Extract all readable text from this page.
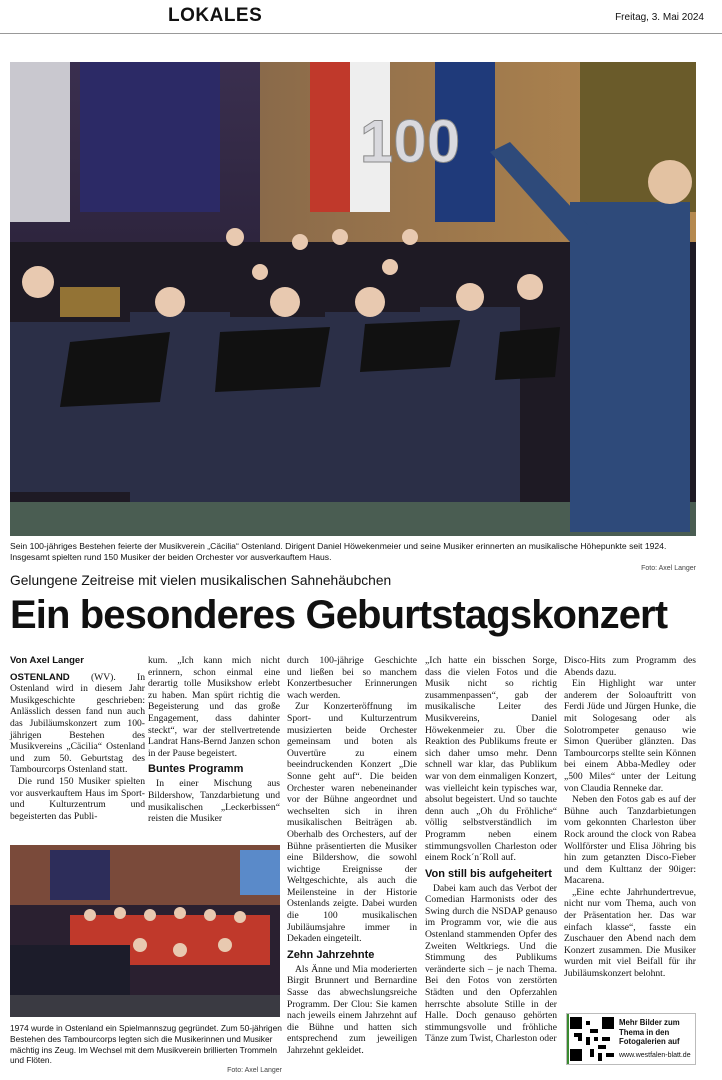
LOKALES	Freitag, 3. Mai 2024
100
Sein 100-jähriges Bestehen feierte der Musikverein „Cäcilia“ Ostenland. Dirigent Daniel Höwekenmeier und seine Musiker erinnerten an musikalische Höhepunkte seit 1924. Insgesamt spielten rund 150 Musiker der beiden Orchester vor ausverkauftem Haus.
Foto: Axel Langer
Gelungene Zeitreise mit vielen musikalischen Sahnehäubchen
Ein besonderes Geburtstagskonzert
Von Axel Langer

OSTENLAND (WV). In Ostenland wird in diesem Jahr Musikgeschichte geschrieben: Anlässlich dessen fand nun auch das Jubiläumskonzert zum 100-jährigen Bestehen des Musikvereins „Cäcilia“ Ostenland und zum 50. Geburtstag des Tambourcorps Ostenland statt.

Die rund 150 Musiker spielten vor ausverkauftem Haus im Sport- und Kulturzentrum und begeisterten das Publi-

kum. „Ich kann mich nicht erinnern, schon einmal eine derartig tolle Musikshow erlebt zu haben. Man spürt richtig die Begeisterung und das große Engagement, dass dahinter steckt“, war der stellvertretende Landrat Hans-Bernd Janzen schon in der Pause begeistert.

Buntes Programm

In einer Mischung aus Bildershow, Tanzdarbietung und musikalischen „Leckerbissen“ reisten die Musiker

1974 wurde in Ostenland ein Spielmannszug gegründet. Zum 50-jährigen Bestehen des Tambourcorps legten sich die Musikerinnen und Musiker mächtig ins Zeug. Im Wechsel mit dem Musikverein brillierten Trommeln und Flöten.
Foto: Axel Langer

durch 100-jährige Geschichte und ließen bei so manchem Konzertbesucher Erinnerungen wach werden.

Zur Konzerteröffnung im Sport- und Kulturzentrum musizierten beide Orchester gemeinsam und boten als Ouvertüre zu einem beeindruckenden Konzert „Die Sonne geht auf“. Die beiden Orchester waren nebeneinander vor der Bühne angeordnet und wechselten sich in ihren musikalischen Beiträgen ab. Oberhalb des Orchesters, auf der Bühne präsentierten die Musiker eine Bildershow, die sowohl wichtige Ereignisse der Weltgeschichte, als auch die Meilensteine in der Historie Ostenlands zeigte. Dabei wurden die 100 musikalischen Jubiläumsjahre immer in Dekaden eingeteilt.

Zehn Jahrzehnte

Als Änne und Mia moderierten Birgit Brunnert und Bernardine Sasse das abwechslungsreiche Programm. Der Clou: Sie kamen nach jeweils einem Jahrzehnt auf die Bühne und hatten sich entsprechend zum jeweiligen Jahrzehnt gekleidet.

„Ich hatte ein bisschen Sorge, dass die vielen Fotos und die Musik nicht so richtig zusammenpassen“, gab der musikalische Leiter des Musikvereins, Daniel Höwekenmeier zu. Über die Reaktion des Publikums freute er sich daher umso mehr. Denn schnell war klar, das Publikum war von dem einmaligen Konzert, was vielleicht kein typisches war, absolut begeistert. Und so tauchte denn auch „Oh du Fröhliche“ völlig selbstverständlich im Programm neben einem stimmungsvollen Charleston oder einem Rock´n´Roll auf.

Von still bis aufgeheitert

Dabei kam auch das Verbot der Comedian Harmonists oder des Swing durch die NSDAP genauso im Programm vor, wie die aus Ostenland stammenden Opfer des Zweiten Weltkriegs. Und die Stimmung des Publikums veränderte sich – je nach Thema. Bei den Fotos von zerstörten Städten und den Opferzahlen herrschte absolute Stille in der Halle. Doch genauso gehörten stimmungsvolle und fröhliche Tänze zum Twist, Charleston oder

Disco-Hits zum Programm des Abends dazu.

Ein Highlight war unter anderem der Soloauftritt von Ferdi Jüde und Jürgen Hunke, die mit Sologesang oder als Solotrompeter genauso wie Simon Querüber glänzten. Das Tambourcorps stellte sein Können bei einem Abba-Medley oder „500 Miles“ unter der Leitung von Claudia Renneke dar.

Neben den Fotos gab es auf der Bühne auch Tanzdarbietungen vom gekonnten Charleston über Rock around the clock von Rabea Wollförster und Elisa Jöhring bis hin zum getanzten Disco-Fieber und dem Kulttanz der 90iger: Macarena.

„Eine echte Jahrhundertrevue, nicht nur vom Thema, auch von der Präsentation her. Das war einfach klasse“, fasste ein Zuschauer den Abend nach dem Konzert zusammen. Die Musiker wurden mit viel Beifall für ihr Jubiläumskonzert belohnt.

Mehr Bilder zum Thema in den Fotogalerien auf
www.westfalen-blatt.de
